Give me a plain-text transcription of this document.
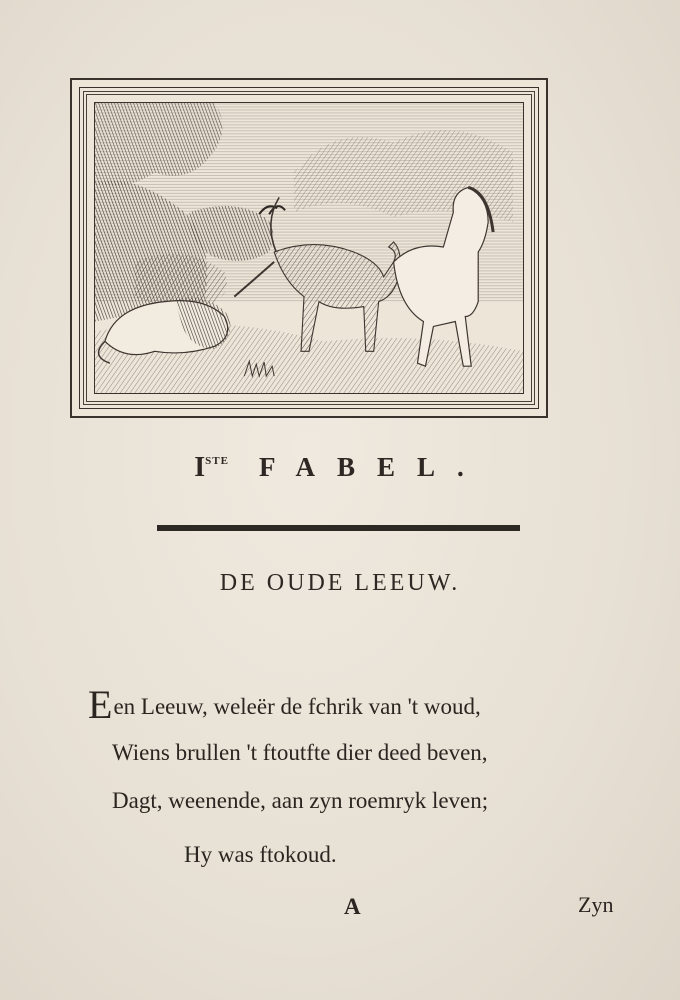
ISTE FABEL.
DE OUDE LEEUW.
Een Leeuw, weleër de fchrik van 't woud,
Wiens brullen 't ftoutfte dier deed beven,
Dagt, weenende, aan zyn roemryk leven;
Hy was ftokoud.
A	Zyn
